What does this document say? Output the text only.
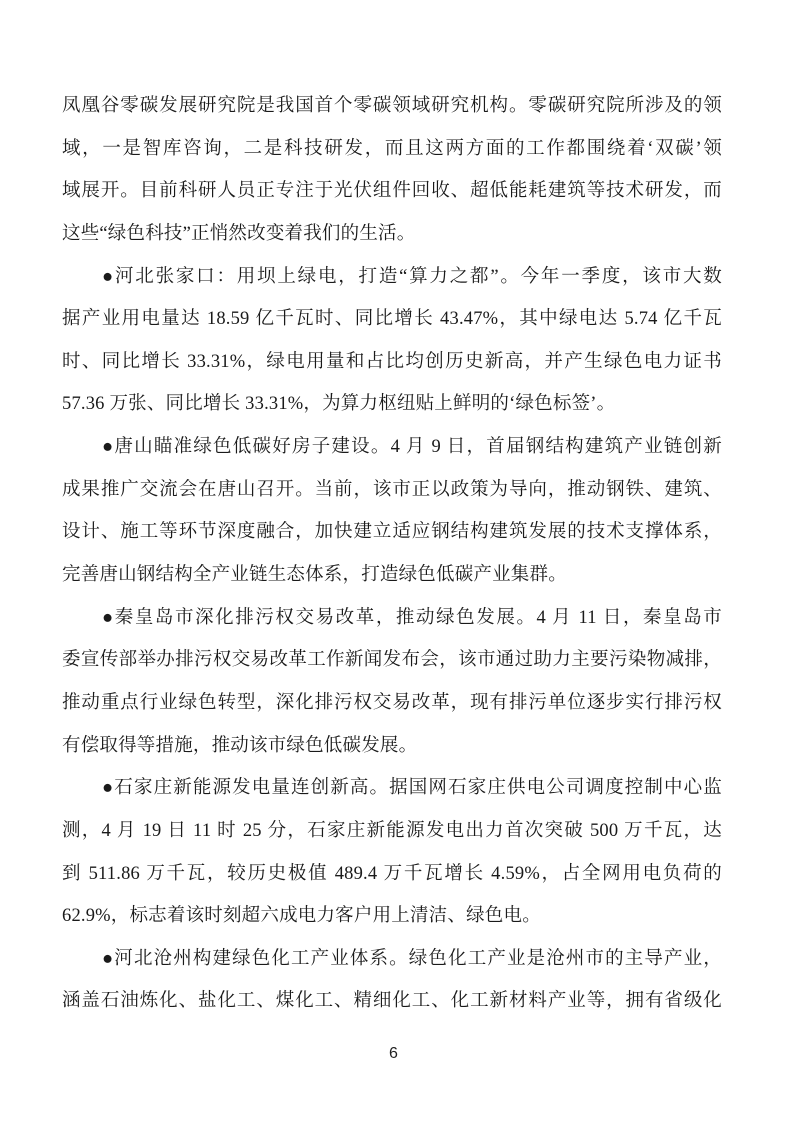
凤凰谷零碳发展研究院是我国首个零碳领域研究机构。零碳研究院所涉及的领
域，一是智库咨询，二是科技研发，而且这两方面的工作都围绕着‘双碳’领
域展开。目前科研人员正专注于光伏组件回收、超低能耗建筑等技术研发，而
这些“绿色科技”正悄然改变着我们的生活。
●河北张家口：用坝上绿电，打造“算力之都”。今年一季度，该市大数
据产业用电量达 18.59 亿千瓦时、同比增长 43.47%，其中绿电达 5.74 亿千瓦
时、同比增长 33.31%，绿电用量和占比均创历史新高，并产生绿色电力证书
57.36 万张、同比增长 33.31%，为算力枢纽贴上鲜明的‘绿色标签’。
●唐山瞄准绿色低碳好房子建设。4 月 9 日，首届钢结构建筑产业链创新
成果推广交流会在唐山召开。当前，该市正以政策为导向，推动钢铁、建筑、
设计、施工等环节深度融合，加快建立适应钢结构建筑发展的技术支撑体系，
完善唐山钢结构全产业链生态体系，打造绿色低碳产业集群。
●秦皇岛市深化排污权交易改革，推动绿色发展。4 月 11 日，秦皇岛市
委宣传部举办排污权交易改革工作新闻发布会，该市通过助力主要污染物减排，
推动重点行业绿色转型，深化排污权交易改革，现有排污单位逐步实行排污权
有偿取得等措施，推动该市绿色低碳发展。
●石家庄新能源发电量连创新高。据国网石家庄供电公司调度控制中心监
测，4 月 19 日 11 时 25 分，石家庄新能源发电出力首次突破 500 万千瓦，达
到 511.86 万千瓦，较历史极值 489.4 万千瓦增长 4.59%，占全网用电负荷的
62.9%，标志着该时刻超六成电力客户用上清洁、绿色电。
●河北沧州构建绿色化工产业体系。绿色化工产业是沧州市的主导产业，
涵盖石油炼化、盐化工、煤化工、精细化工、化工新材料产业等，拥有省级化
6
